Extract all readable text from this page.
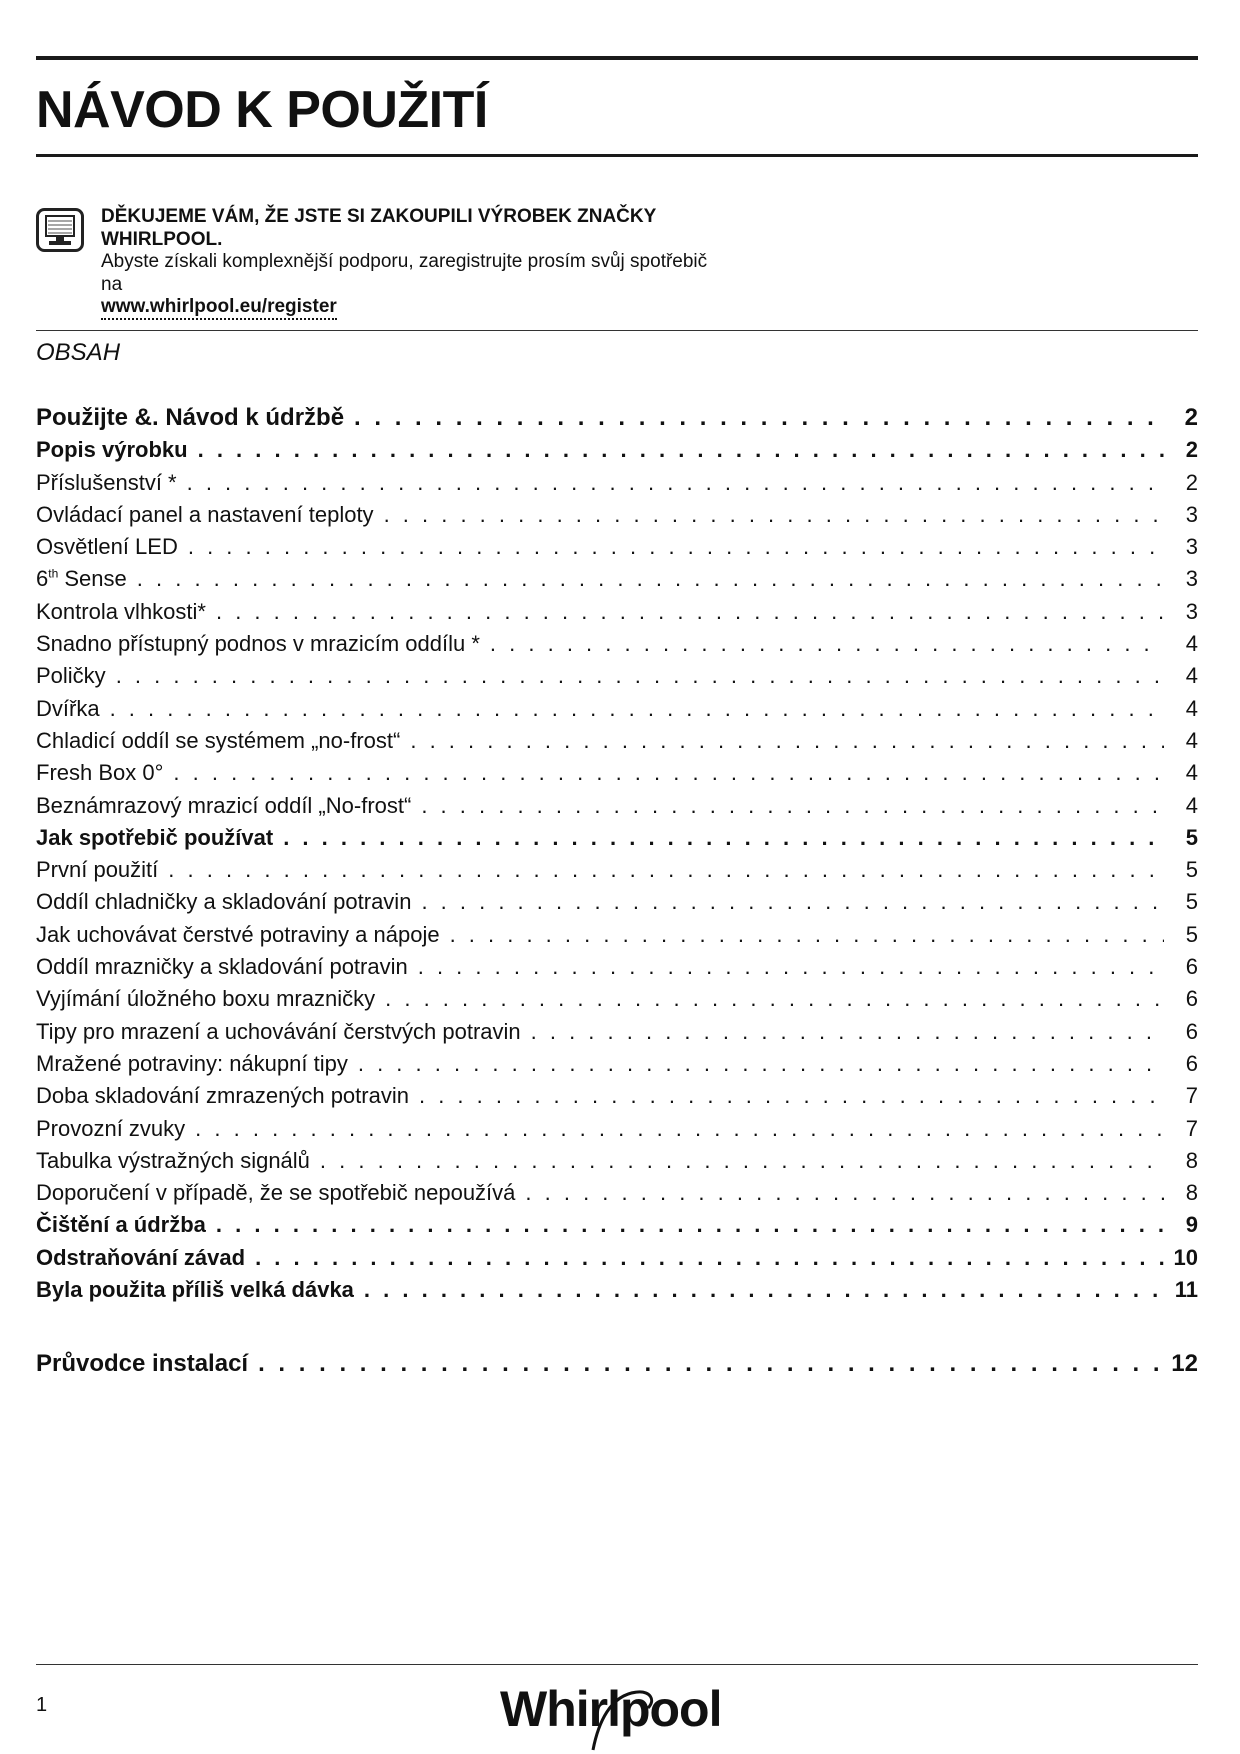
NÁVOD K POUŽITÍ
DĚKUJEME VÁM, ŽE JSTE SI ZAKOUPILI VÝROBEK ZNAČKY WHIRLPOOL.
Abyste získali komplexnější podporu, zaregistrujte prosím svůj spotřebič na
www.whirlpool.eu/register
OBSAH
Použijte &. Návod k údržbě . . .	2
Popis výrobku . . .	2
Příslušenství * . . .	2
Ovládací panel a nastavení teploty . . .	3
Osvětlení LED . . .	3
6th Sense . . .	3
Kontrola vlhkosti* . . .	3
Snadno přístupný podnos v mrazicím oddílu * . . .	4
Poličky . . .	4
Dvířka . . .	4
Chladicí oddíl se systémem „no-frost“ . . .	4
Fresh Box 0° . . .	4
Beznámrazový mrazicí oddíl „No-frost“ . . .	4
Jak spotřebič používat . . .	5
První použití . . .	5
Oddíl chladničky a skladování potravin . . .	5
Jak uchovávat čerstvé potraviny a nápoje . . .	5
Oddíl mrazničky a skladování potravin . . .	6
Vyjímání úložného boxu mrazničky . . .	6
Tipy pro mrazení a uchovávání čerstvých potravin . . .	6
Mražené potraviny: nákupní tipy . . .	6
Doba skladování zmrazených potravin . . .	7
Provozní zvuky . . .	7
Tabulka výstražných signálů . . .	8
Doporučení v případě, že se spotřebič nepoužívá . . .	8
Čištění a údržba . . .	9
Odstraňování závad . . .	10
Byla použita příliš velká dávka . . .	11
Průvodce instalací . . .	12
1	Whirlpool
